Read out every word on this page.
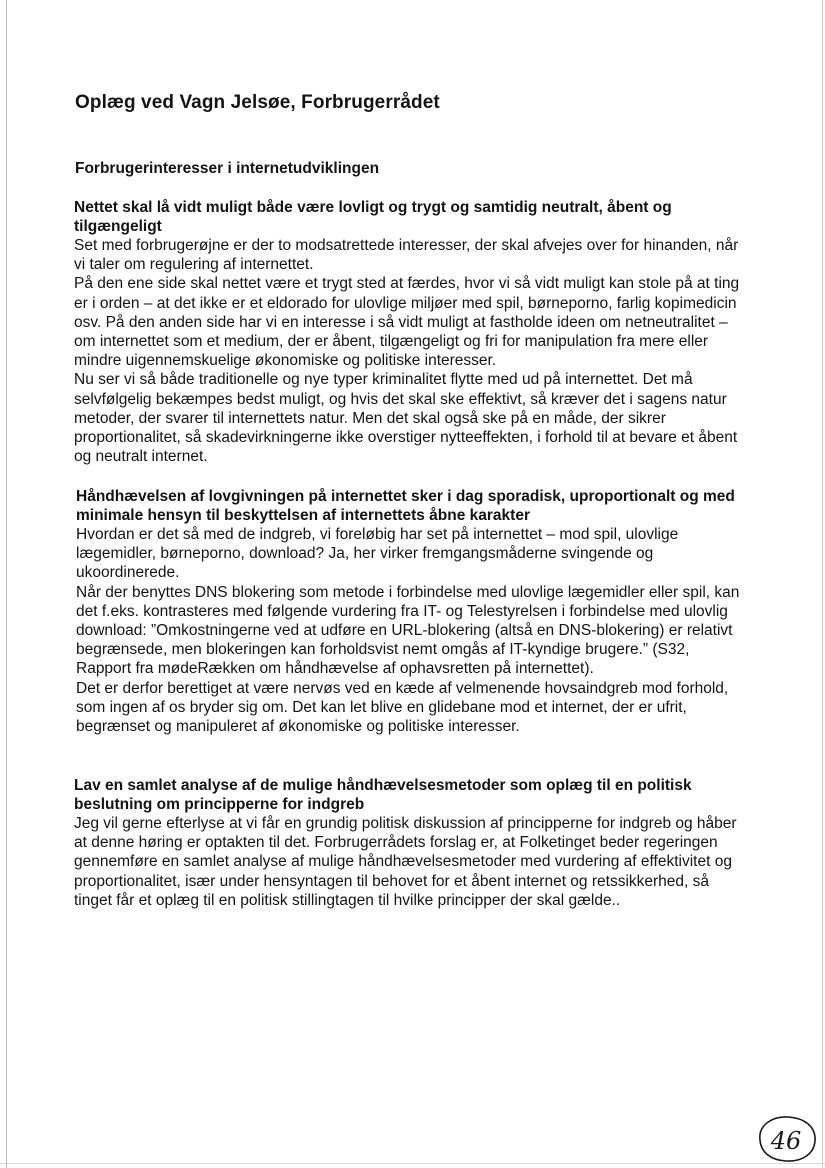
Oplæg ved Vagn Jelsøe, Forbrugerrådet
Forbrugerinteresser i internetudviklingen
Nettet skal lå vidt muligt både være lovligt og trygt og samtidig neutralt, åbent og tilgængeligt
Set med forbrugerøjne er der to modsatrettede interesser, der skal afvejes over for hinanden, når vi taler om regulering af internettet.
På den ene side skal nettet være et trygt sted at færdes, hvor vi så vidt muligt kan stole på at ting er i orden – at det ikke er et eldorado for ulovlige miljøer med spil, børneporno, farlig kopimedicin osv. På den anden side har vi en interesse i så vidt muligt at fastholde ideen om netneutralitet – om internettet som et medium, der er åbent, tilgængeligt og fri for manipulation fra mere eller mindre uigennemskuelige økonomiske og politiske interesser.
Nu ser vi så både traditionelle og nye typer kriminalitet flytte med ud på internettet. Det må selvfølgelig bekæmpes bedst muligt, og hvis det skal ske effektivt, så kræver det i sagens natur metoder, der svarer til internettets natur. Men det skal også ske på en måde, der sikrer proportionalitet, så skadevirkningerne ikke overstiger nytteeffekten, i forhold til at bevare et åbent og neutralt internet.
Håndhævelsen af lovgivningen på internettet sker i dag sporadisk, uproportionalt og med minimale hensyn til beskyttelsen af internettets åbne karakter
Hvordan er det så med de indgreb, vi foreløbig har set på internettet – mod spil, ulovlige lægemidler, børneporno, download? Ja, her virker fremgangsmåderne svingende og ukoordinerede.
Når der benyttes DNS blokering som metode i forbindelse med ulovlige lægemidler eller spil, kan det f.eks. kontrasteres med følgende vurdering fra IT- og Telestyrelsen i forbindelse med ulovlig download: ”Omkostningerne ved at udføre en URL-blokering (altså en DNS-blokering) er relativt begrænsede, men blokeringen kan forholdsvist nemt omgås af IT-kyndige brugere.” (S32, Rapport fra mødeRækken om håndhævelse af ophavsretten på internettet).
Det er derfor berettiget at være nervøs ved en kæde af velmenende hovsaindgreb mod forhold, som ingen af os bryder sig om. Det kan let blive en glidebane mod et internet, der er ufrit, begrænset og manipuleret af økonomiske og politiske interesser.
Lav en samlet analyse af de mulige håndhævelsesmetoder som oplæg til en politisk beslutning om principperne for indgreb
Jeg vil gerne efterlyse at vi får en grundig politisk diskussion af principperne for indgreb og håber at denne høring er optakten til det. Forbrugerrådets forslag er, at Folketinget beder regeringen gennemføre en samlet analyse af mulige håndhævelsesmetoder med vurdering af effektivitet og proportionalitet, især under hensyntagen til behovet for et åbent internet og retssikkerhed, så tinget får et oplæg til en politisk stillingtagen til hvilke principper der skal gælde..
46
